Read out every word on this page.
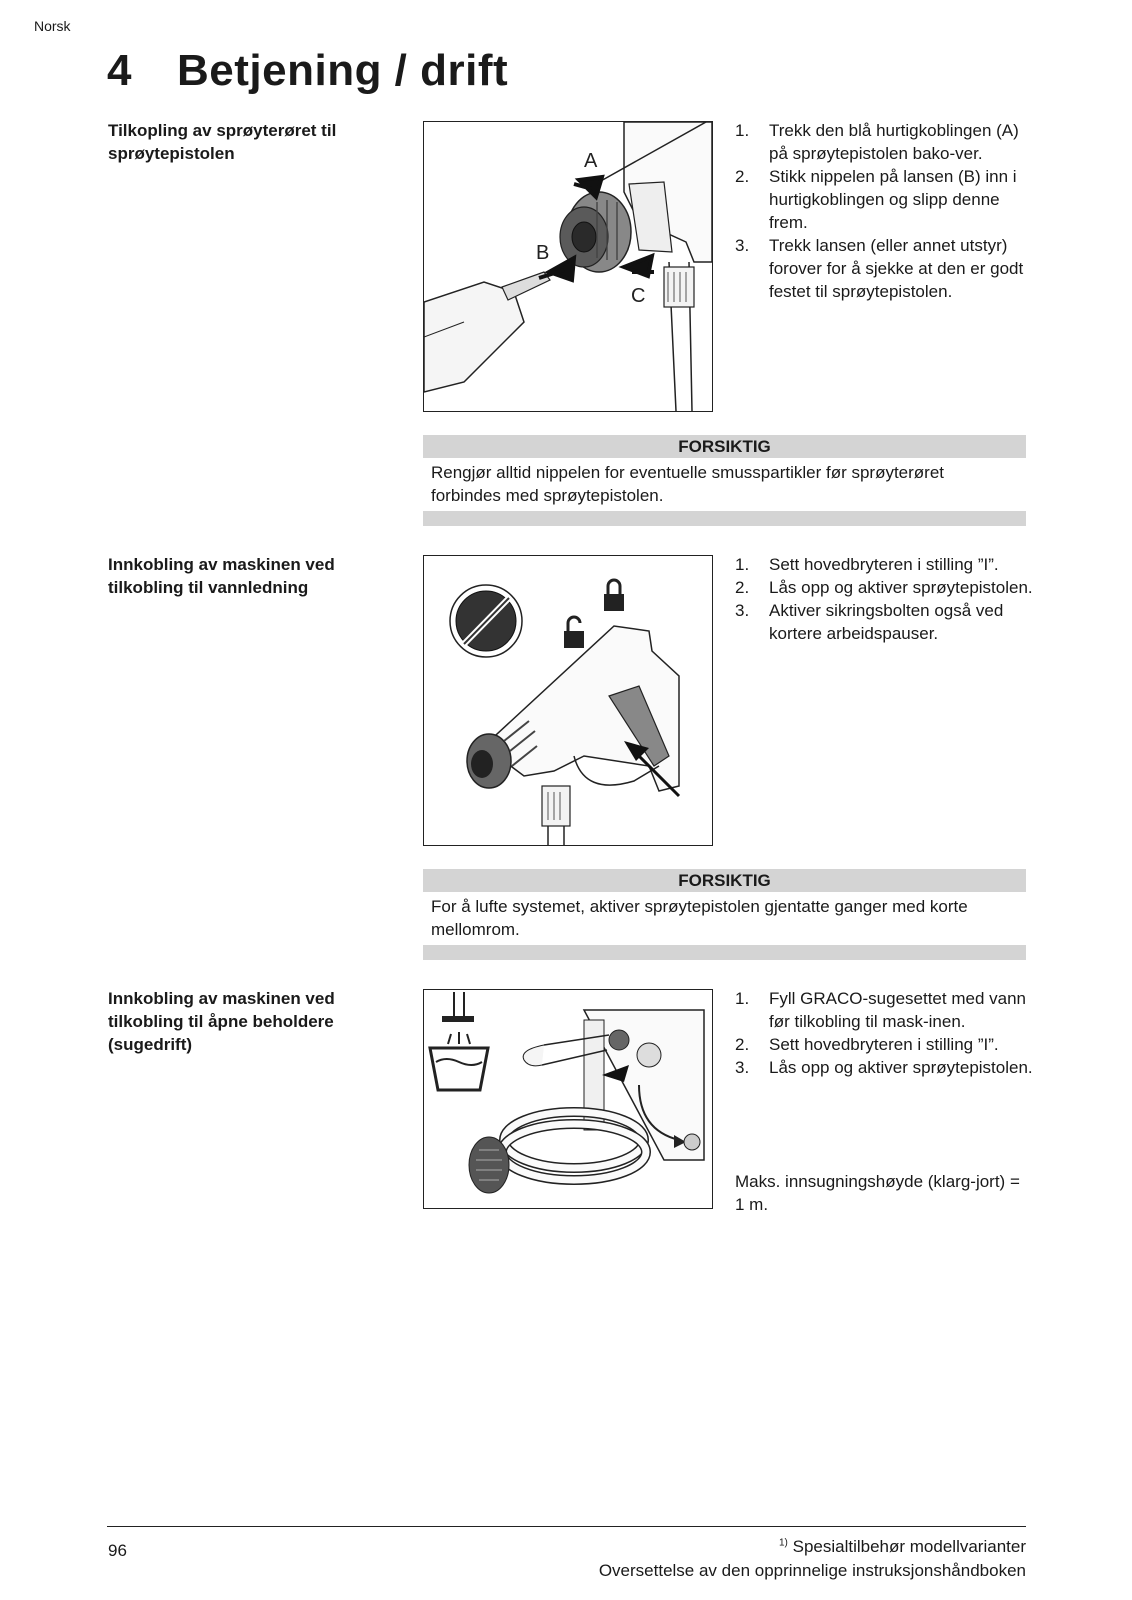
Norsk
4 Betjening / drift
Tilkopling av sprøyterøret til sprøytepistolen	A
B
C
1. Trekk den blå hurtigkoblingen (A) på sprøytepistolen bako-ver.
2. Stikk nippelen på lansen (B) inn i hurtigkoblingen og slipp denne frem.
3. Trekk lansen (eller annet utstyr) forover for å sjekke at den er godt festet til sprøytepistolen.
FORSIKTIG
Rengjør alltid nippelen for eventuelle smusspartikler før sprøyterøret forbindes med sprøytepistolen.
Innkobling av maskinen ved tilkobling til vannledning
1. Sett hovedbryteren i stilling ”I”.
2. Lås opp og aktiver sprøytepistolen.
3. Aktiver sikringsbolten også ved kortere arbeidspauser.
FORSIKTIG
For å lufte systemet, aktiver sprøytepistolen gjentatte ganger med korte mellomrom.
Innkobling av maskinen ved tilkobling til åpne beholdere (sugedrift)
1. Fyll GRACO-sugesettet med vann før tilkobling til mask-inen.
2. Sett hovedbryteren i stilling ”I”.
3. Lås opp og aktiver sprøytepistolen.
Maks. innsugningshøyde (klarg-jort) = 1 m.
96	$^{1)}$ Spesialtilbehør modellvarianter
Oversettelse av den opprinnelige instruksjonshåndboken
